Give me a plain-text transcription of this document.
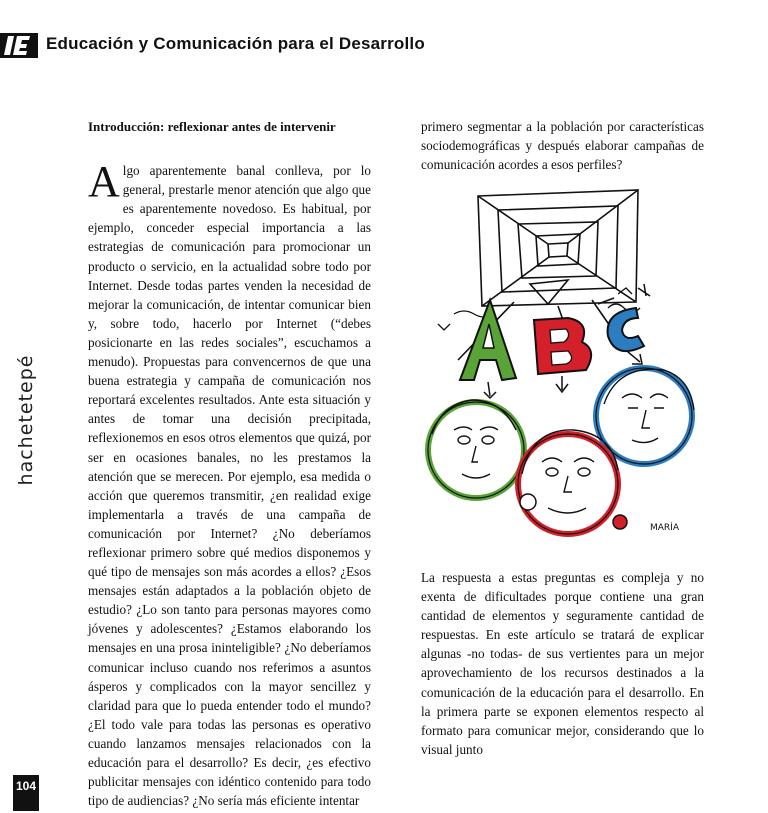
Educación y Comunicación para el Desarrollo
hachetetepé
Introducción: reflexionar antes de intervenir

Algo aparentemente banal conlleva, por lo general, prestarle menor atención que algo que es aparentemente novedoso. Es habitual, por ejemplo, conceder especial importancia a las estrategias de comunicación para promocionar un producto o servicio, en la actualidad sobre todo por Internet. Desde todas partes venden la necesidad de mejorar la comunicación, de intentar comunicar bien y, sobre todo, hacerlo por Internet (“debes posicionarte en las redes sociales”, escuchamos a menudo). Propuestas para convencernos de que una buena estrategia y campaña de comunicación nos reportará excelentes resultados. Ante esta situación y antes de tomar una decisión precipitada, reflexionemos en esos otros elementos que quizá, por ser en ocasiones banales, no les prestamos la atención que se merecen. Por ejemplo, esa medida o acción que queremos transmitir, ¿en realidad exige implementarla a través de una campaña de comunicación por Internet? ¿No deberíamos reflexionar primero sobre qué medios disponemos y qué tipo de mensajes son más acordes a ellos? ¿Esos mensajes están adaptados a la población objeto de estudio? ¿Lo son tanto para personas mayores como jóvenes y adolescentes? ¿Estamos elaborando los mensajes en una prosa ininteligible? ¿No deberíamos comunicar incluso cuando nos referimos a asuntos ásperos y complicados con la mayor sencillez y claridad para que lo pueda entender todo el mundo? ¿El todo vale para todas las personas es operativo cuando lanzamos mensajes relacionados con la educación para el desarrollo? Es decir, ¿es efectivo publicitar mensajes con idéntico contenido para todo tipo de audiencias? ¿No sería más eficiente intentar

primero segmentar a la población por características sociodemográficas y después elaborar campañas de comunicación acordes a esos perfiles?

MARÍA

La respuesta a estas preguntas es compleja y no exenta de dificultades porque contiene una gran cantidad de elementos y seguramente cantidad de respuestas. En este artículo se tratará de explicar algunas -no todas- de sus vertientes para un mejor aprovechamiento de los recursos destinados a la comunicación de la educación para el desarrollo. En la primera parte se exponen elementos respecto al formato para comunicar mejor, considerando que lo visual junto

104
